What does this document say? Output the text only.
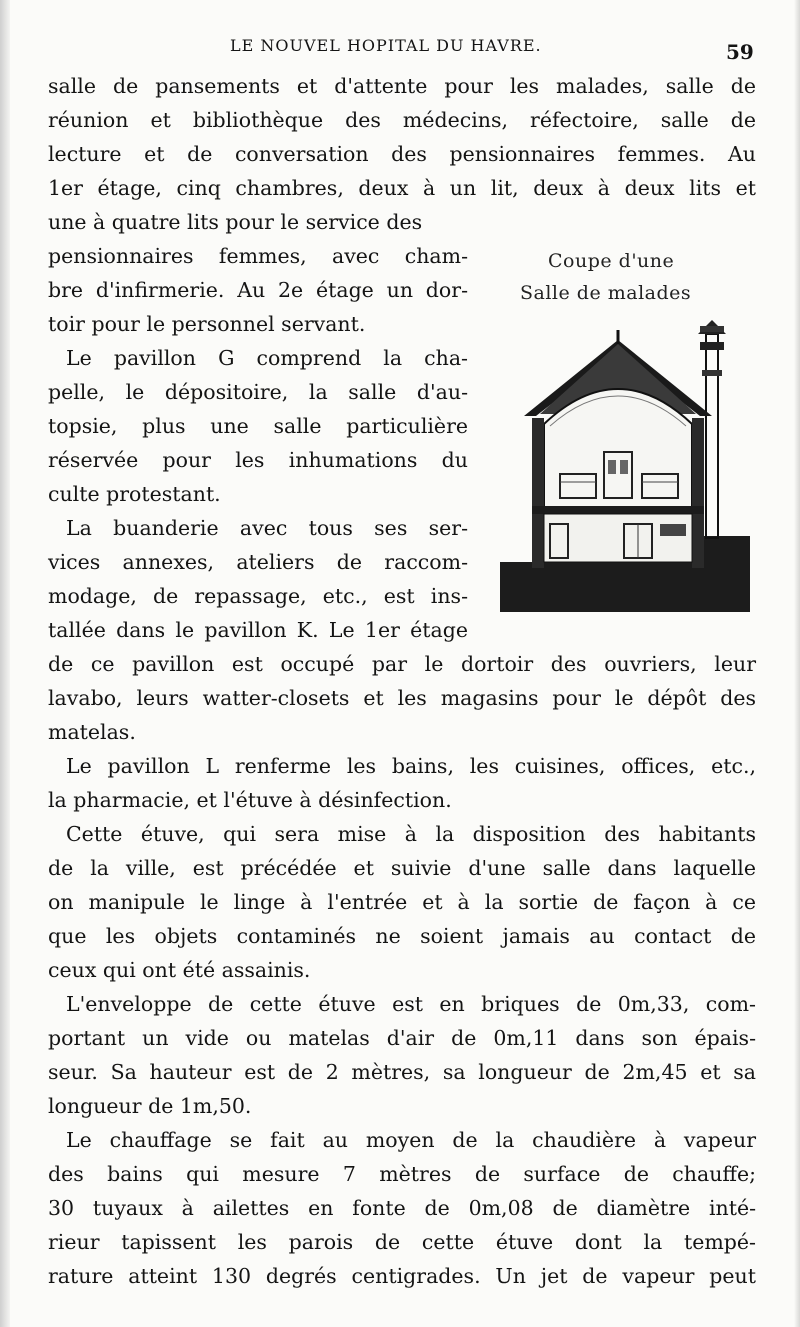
LE NOUVEL HOPITAL DU HAVRE.	59
salle de pansements et d'attente pour les malades, salle de
réunion et bibliothèque des médecins, réfectoire, salle de
lecture et de conversation des pensionnaires femmes. Au
1er étage, cinq chambres, deux à un lit, deux à deux lits et
une à quatre lits pour le service des
pensionnaires femmes, avec cham-
bre d'infirmerie. Au 2e étage un dor-
toir pour le personnel servant.
Le pavillon G comprend la cha-
pelle, le dépositoire, la salle d'au-
topsie, plus une salle particulière
réservée pour les inhumations du
culte protestant.
La buanderie avec tous ses ser-
vices annexes, ateliers de raccom-
modage, de repassage, etc., est ins-
tallée dans le pavillon K. Le 1er étage
de ce pavillon est occupé par le dortoir des ouvriers, leur
lavabo, leurs watter-closets et les magasins pour le dépôt des
matelas.
Le pavillon L renferme les bains, les cuisines, offices, etc.,
la pharmacie, et l'étuve à désinfection.
Cette étuve, qui sera mise à la disposition des habitants
de la ville, est précédée et suivie d'une salle dans laquelle
on manipule le linge à l'entrée et à la sortie de façon à ce
que les objets contaminés ne soient jamais au contact de
ceux qui ont été assainis.
L'enveloppe de cette étuve est en briques de 0m,33, com-
portant un vide ou matelas d'air de 0m,11 dans son épais-
seur. Sa hauteur est de 2 mètres, sa longueur de 2m,45 et sa
longueur de 1m,50.
Le chauffage se fait au moyen de la chaudière à vapeur
des bains qui mesure 7 mètres de surface de chauffe;
30 tuyaux à ailettes en fonte de 0m,08 de diamètre inté-
rieur tapissent les parois de cette étuve dont la tempé-
rature atteint 130 degrés centigrades. Un jet de vapeur peut
Coupe d'une
Salle de malades
